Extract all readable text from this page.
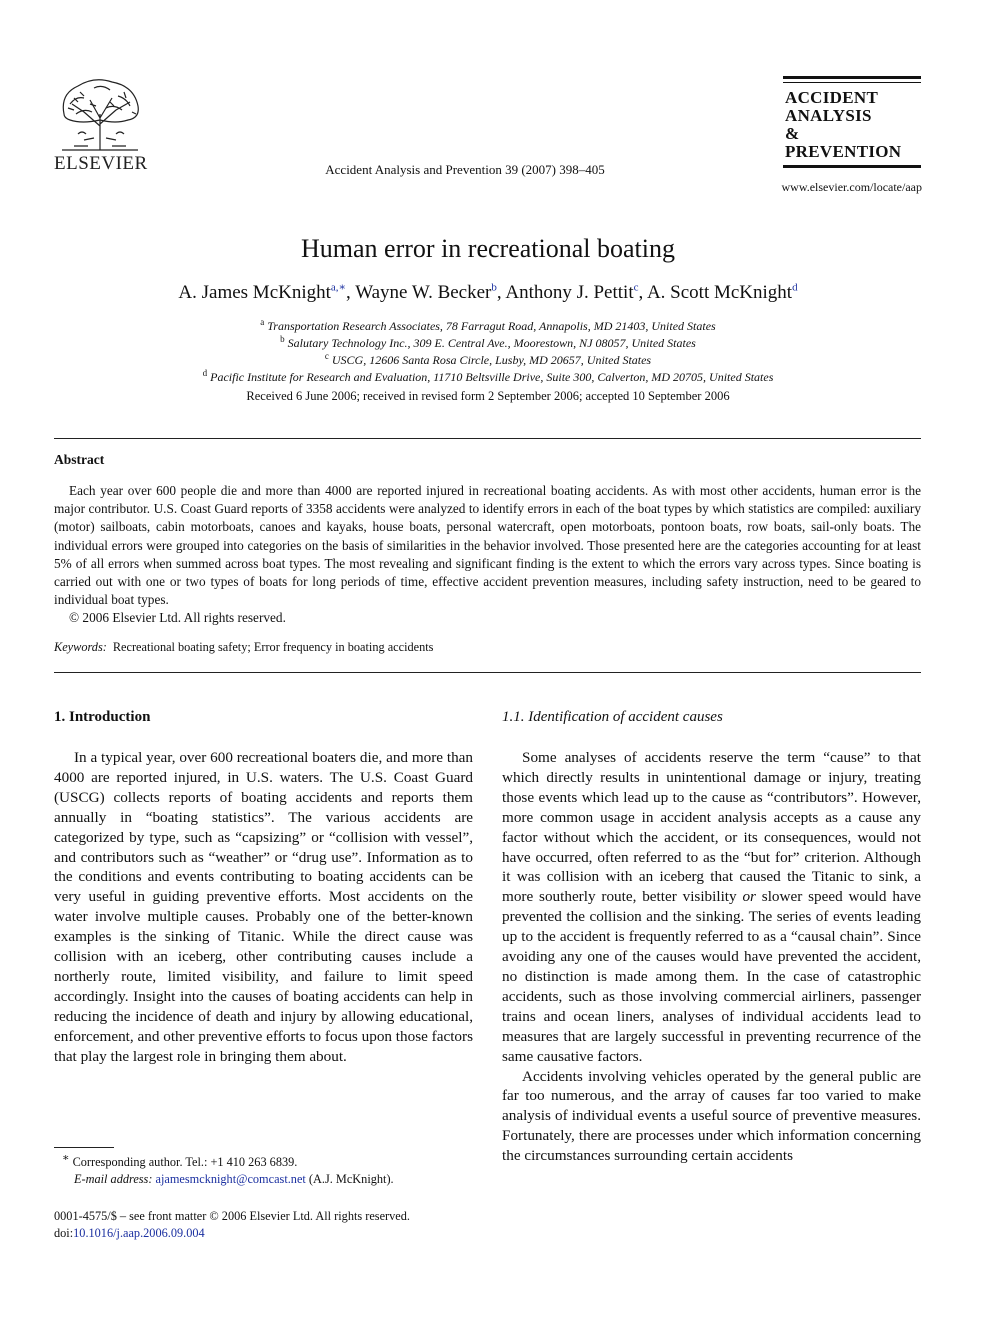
ELSEVIER	Accident Analysis and Prevention 39 (2007) 398–405
ACCIDENT
ANALYSIS
&
PREVENTION
www.elsevier.com/locate/aap
Human error in recreational boating
A. James McKnight$^{a,∗}$, Wayne W. Becker$^b$, Anthony J. Pettit$^c$, A. Scott McKnight$^d$
$^a$ Transportation Research Associates, 78 Farragut Road, Annapolis, MD 21403, United States
$^b$ Salutary Technology Inc., 309 E. Central Ave., Moorestown, NJ 08057, United States
$^c$ USCG, 12606 Santa Rosa Circle, Lusby, MD 20657, United States
$^d$ Pacific Institute for Research and Evaluation, 11710 Beltsville Drive, Suite 300, Calverton, MD 20705, United States
Received 6 June 2006; received in revised form 2 September 2006; accepted 10 September 2006
Abstract

Each year over 600 people die and more than 4000 are reported injured in recreational boating accidents. As with most other accidents, human error is the major contributor. U.S. Coast Guard reports of 3358 accidents were analyzed to identify errors in each of the boat types by which statistics are compiled: auxiliary (motor) sailboats, cabin motorboats, canoes and kayaks, house boats, personal watercraft, open motorboats, pontoon boats, row boats, sail-only boats. The individual errors were grouped into categories on the basis of similarities in the behavior involved. Those presented here are the categories accounting for at least 5% of all errors when summed across boat types. The most revealing and significant finding is the extent to which the errors vary across types. Since boating is carried out with one or two types of boats for long periods of time, effective accident prevention measures, including safety instruction, need to be geared to individual boat types.

© 2006 Elsevier Ltd. All rights reserved.

Keywords: Recreational boating safety; Error frequency in boating accidents
1. Introduction

In a typical year, over 600 recreational boaters die, and more than 4000 are reported injured, in U.S. waters. The U.S. Coast Guard (USCG) collects reports of boating accidents and reports them annually in “boating statistics”. The various accidents are categorized by type, such as “capsizing” or “collision with vessel”, and contributors such as “weather” or “drug use”. Information as to the conditions and events contributing to boating accidents can be very useful in guiding preventive efforts. Most accidents on the water involve multiple causes. Probably one of the better-known examples is the sinking of Titanic. While the direct cause was collision with an iceberg, other contributing causes include a northerly route, limited visibility, and failure to limit speed accordingly. Insight into the causes of boating accidents can help in reducing the incidence of death and injury by allowing educational, enforcement, and other preventive efforts to focus upon those factors that play the largest role in bringing them about.

1.1. Identification of accident causes

Some analyses of accidents reserve the term “cause” to that which directly results in unintentional damage or injury, treating those events which lead up to the cause as “contributors”. However, more common usage in accident analysis accepts as a cause any factor without which the accident, or its consequences, would not have occurred, often referred to as the “but for” criterion. Although it was collision with an iceberg that caused the Titanic to sink, a more southerly route, better visibility or slower speed would have prevented the collision and the sinking. The series of events leading up to the accident is frequently referred to as a “causal chain”. Since avoiding any one of the causes would have prevented the accident, no distinction is made among them. In the case of catastrophic accidents, such as those involving commercial airliners, passenger trains and ocean liners, analyses of individual accidents lead to measures that are largely successful in preventing recurrence of the same causative factors.

Accidents involving vehicles operated by the general public are far too numerous, and the array of causes far too varied to make analysis of individual events a useful source of preventive measures. Fortunately, there are processes under which information concerning the circumstances surrounding certain accidents

∗ Corresponding author. Tel.: +1 410 263 6839.
E-mail address: ajamesmcknight@comcast.net (A.J. McKnight).
0001-4575/$ – see front matter © 2006 Elsevier Ltd. All rights reserved.
doi:10.1016/j.aap.2006.09.004
